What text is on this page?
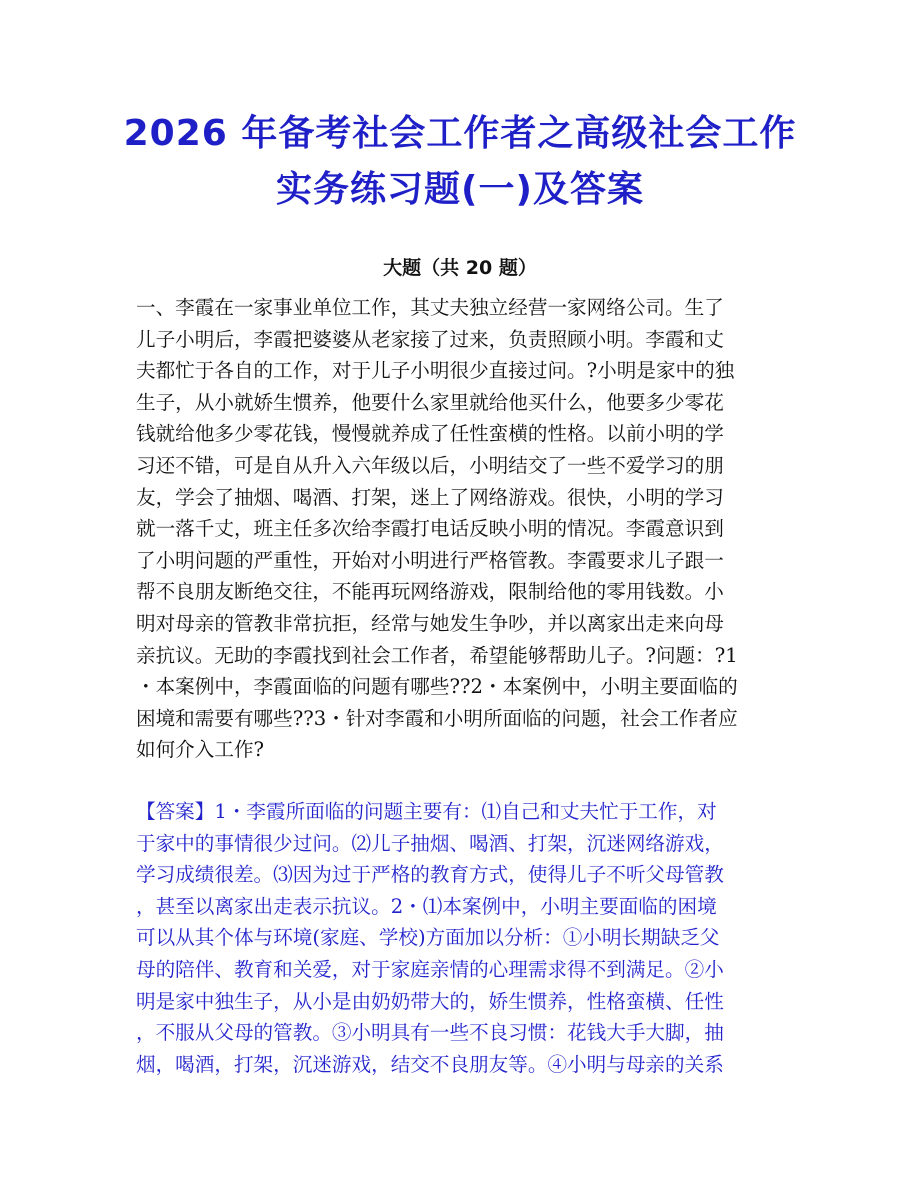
2026 年备考社会工作者之高级社会工作
实务练习题(一)及答案
大题（共 20 题）
一、李霞在一家事业单位工作，其丈夫独立经营一家网络公司。生了
儿子小明后，李霞把婆婆从老家接了过来，负责照顾小明。李霞和丈
夫都忙于各自的工作，对于儿子小明很少直接过问。?小明是家中的独
生子，从小就娇生惯养，他要什么家里就给他买什么，他要多少零花
钱就给他多少零花钱，慢慢就养成了任性蛮横的性格。以前小明的学
习还不错，可是自从升入六年级以后，小明结交了一些不爱学习的朋
友，学会了抽烟、喝酒、打架，迷上了网络游戏。很快，小明的学习
就一落千丈，班主任多次给李霞打电话反映小明的情况。李霞意识到
了小明问题的严重性，开始对小明进行严格管教。李霞要求儿子跟一
帮不良朋友断绝交往，不能再玩网络游戏，限制给他的零用钱数。小
明对母亲的管教非常抗拒，经常与她发生争吵，并以离家出走来向母
亲抗议。无助的李霞找到社会工作者，希望能够帮助儿子。?问题：?1
・本案例中，李霞面临的问题有哪些??2・本案例中，小明主要面临的
困境和需要有哪些??3・针对李霞和小明所面临的问题，社会工作者应
如何介入工作?
【答案】1・李霞所面临的问题主要有：⑴自己和丈夫忙于工作，对
于家中的事情很少过问。⑵儿子抽烟、喝酒、打架，沉迷网络游戏，
学习成绩很差。⑶因为过于严格的教育方式，使得儿子不听父母管教
，甚至以离家出走表示抗议。2・⑴本案例中，小明主要面临的困境
可以从其个体与环境(家庭、学校)方面加以分析：①小明长期缺乏父
母的陪伴、教育和关爱，对于家庭亲情的心理需求得不到满足。②小
明是家中独生子，从小是由奶奶带大的，娇生惯养，性格蛮横、任性
，不服从父母的管教。③小明具有一些不良习惯：花钱大手大脚，抽
烟，喝酒，打架，沉迷游戏，结交不良朋友等。④小明与母亲的关系
